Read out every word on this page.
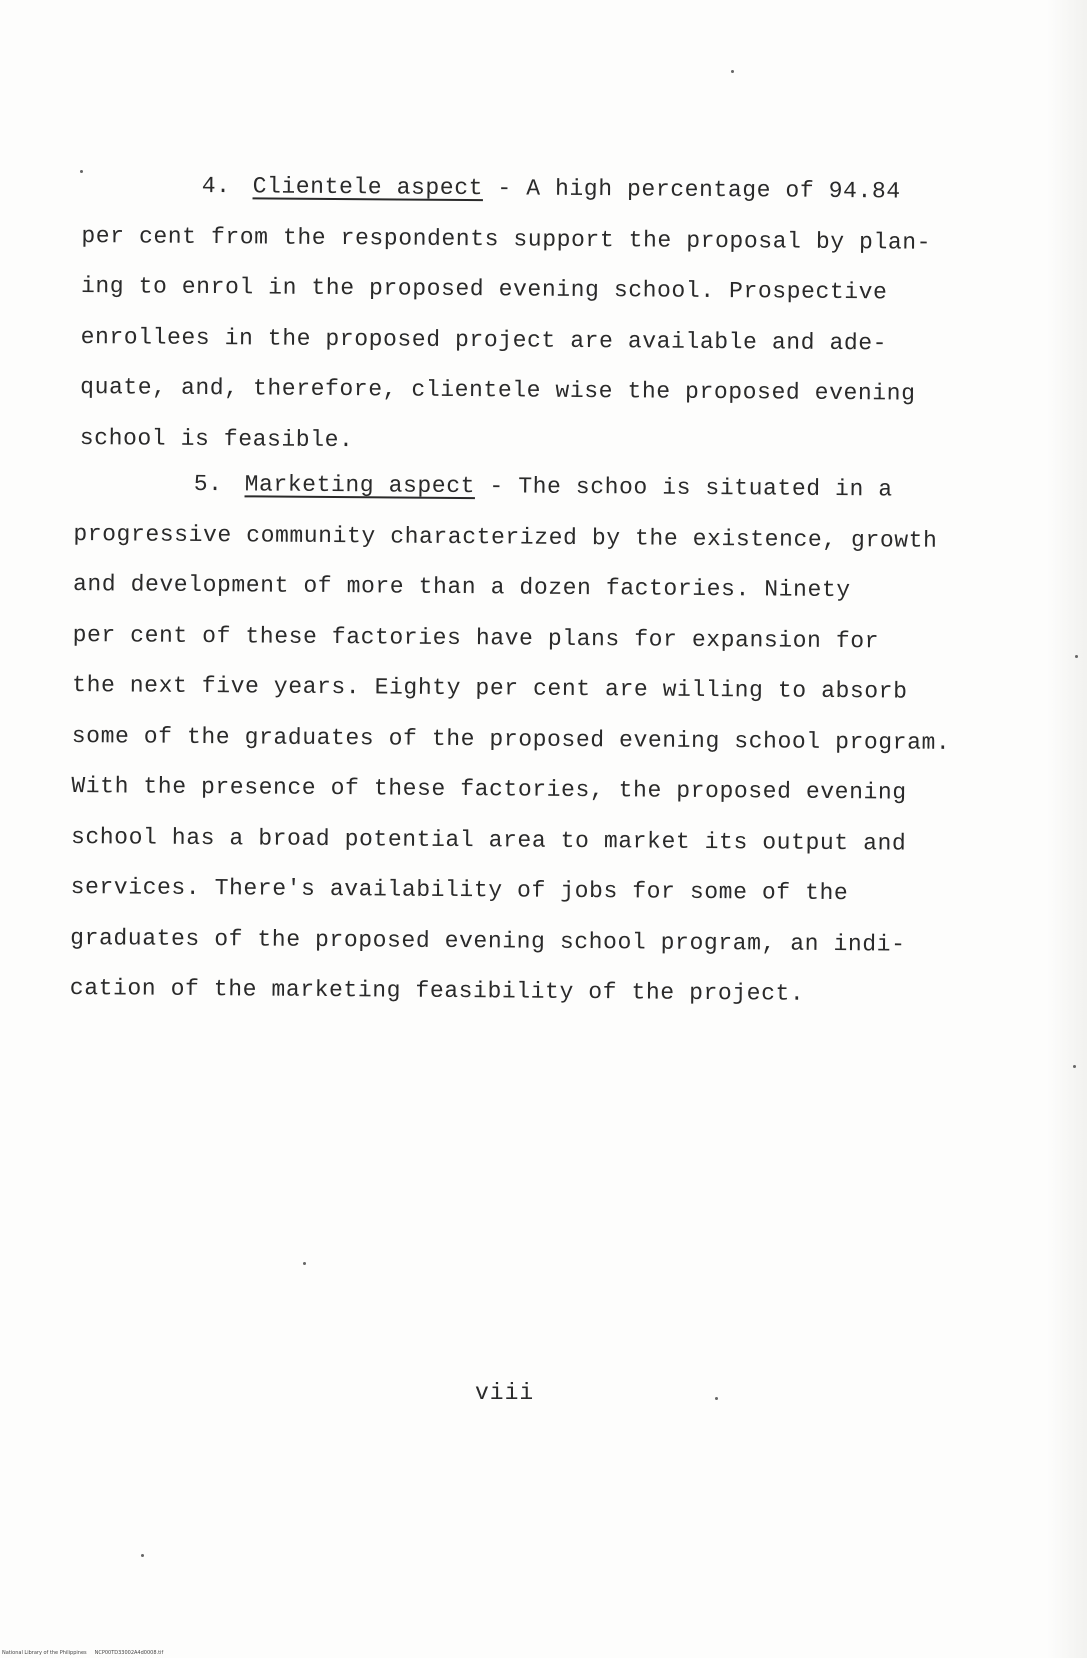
4. Clientele aspect - A high percentage of 94.84
per cent from the respondents support the proposal by plan-
ing to enrol in the proposed evening school. Prospective
enrollees in the proposed project are available and ade-
quate, and, therefore, clientele wise the proposed evening
school is feasible.
5. Marketing aspect - The schoo is situated in a
progressive community characterized by the existence, growth
and development of more than a dozen factories. Ninety
per cent of these factories have plans for expansion for
the next five years. Eighty per cent are willing to absorb
some of the graduates of the proposed evening school program.
With the presence of these factories, the proposed evening
school has a broad potential area to market its output and
services. There's availability of jobs for some of the
graduates of the proposed evening school program, an indi-
cation of the marketing feasibility of the project.
viii
National Library of the Philippines     NCP00TD33002A4d0008.tif
